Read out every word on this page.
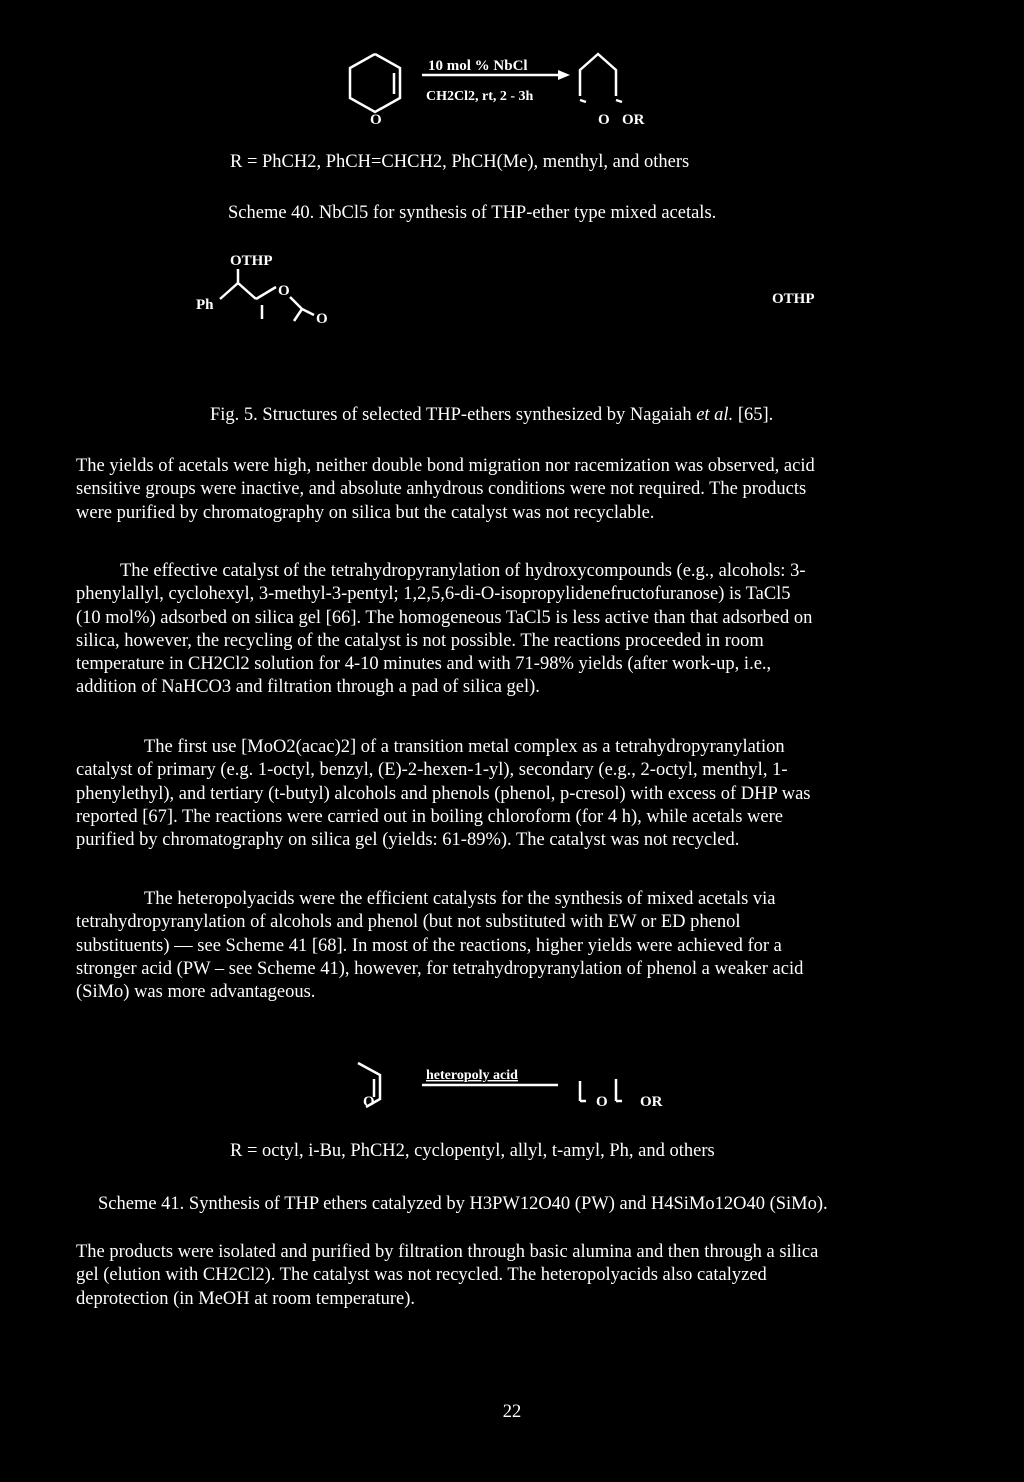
10 mol % NbCl
CH2Cl2, rt, 2 - 3h
O	O OR
R = PhCH2, PhCH=CHCH2, PhCH(Me), menthyl, and others
Scheme 40. NbCl5 for synthesis of THP-ether type mixed acetals.
OTHP
Ph
O
O
OTHP
Fig. 5. Structures of selected THP-ethers synthesized by Nagaiah et al. [65].
The yields of acetals were high, neither double bond migration nor racemization was observed, acid
sensitive groups were inactive, and absolute anhydrous conditions were not required. The products
were purified by chromatography on silica but the catalyst was not recyclable.
The effective catalyst of the tetrahydropyranylation of hydroxycompounds (e.g., alcohols: 3-
phenylallyl, cyclohexyl, 3-methyl-3-pentyl; 1,2,5,6-di-O-isopropylidenefructofuranose) is TaCl5
(10 mol%) adsorbed on silica gel [66]. The homogeneous TaCl5 is less active than that adsorbed on
silica, however, the recycling of the catalyst is not possible. The reactions proceeded in room
temperature in CH2Cl2 solution for 4-10 minutes and with 71-98% yields (after work-up, i.e.,
addition of NaHCO3 and filtration through a pad of silica gel).
The first use [MoO2(acac)2] of a transition metal complex as a tetrahydropyranylation
catalyst of primary (e.g. 1-octyl, benzyl, (E)-2-hexen-1-yl), secondary (e.g., 2-octyl, menthyl, 1-
phenylethyl), and tertiary (t-butyl) alcohols and phenols (phenol, p-cresol) with excess of DHP was
reported [67]. The reactions were carried out in boiling chloroform (for 4 h), while acetals were
purified by chromatography on silica gel (yields: 61-89%). The catalyst was not recycled.
The heteropolyacids were the efficient catalysts for the synthesis of mixed acetals via
tetrahydropyranylation of alcohols and phenol (but not substituted with EW or ED phenol
substituents) — see Scheme 41 [68]. In most of the reactions, higher yields were achieved for a
stronger acid (PW – see Scheme 41), however, for tetrahydropyranylation of phenol a weaker acid
(SiMo) was more advantageous.
heteropoly acid
O	O OR
R = octyl, i-Bu, PhCH2, cyclopentyl, allyl, t-amyl, Ph, and others
Scheme 41. Synthesis of THP ethers catalyzed by H3PW12O40 (PW) and H4SiMo12O40 (SiMo).
The products were isolated and purified by filtration through basic alumina and then through a silica
gel (elution with CH2Cl2). The catalyst was not recycled. The heteropolyacids also catalyzed
deprotection (in MeOH at room temperature).
22
